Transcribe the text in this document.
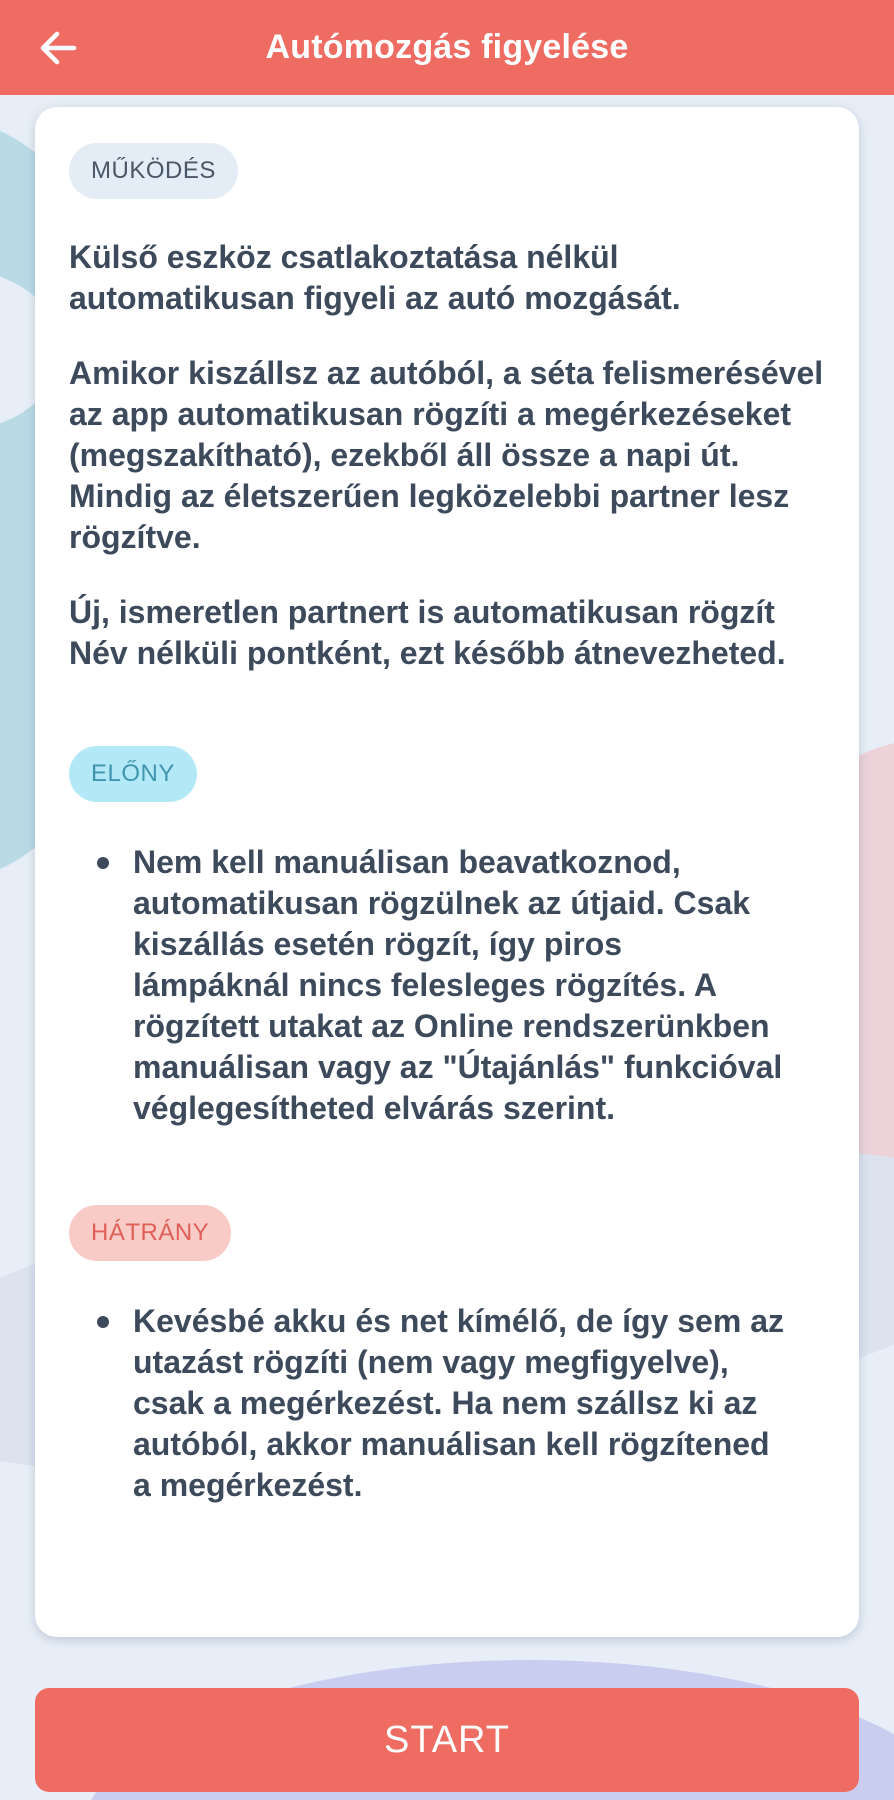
Autómozgás figyelése
MŰKÖDÉS

Külső eszköz csatlakoztatása nélkül automatikusan figyeli az autó mozgását.

Amikor kiszállsz az autóból, a séta felismerésével az app automatikusan rögzíti a megérkezéseket (megszakítható), ezekből áll össze a napi út. Mindig az életszerűen legközelebbi partner lesz rögzítve.

Új, ismeretlen partnert is automatikusan rögzít Név nélküli pontként, ezt később átnevezheted.

ELŐNY
Nem kell manuálisan beavatkoznod, automatikusan rögzülnek az útjaid. Csak kiszállás esetén rögzít, így piros lámpáknál nincs felesleges rögzítés. A rögzített utakat az Online rendszerünkben manuálisan vagy az "Útajánlás" funkcióval véglegesítheted elvárás szerint.
HÁTRÁNY
Kevésbé akku és net kímélő, de így sem az utazást rögzíti (nem vagy megfigyelve), csak a megérkezést. Ha nem szállsz ki az autóból, akkor manuálisan kell rögzítened a megérkezést.
START
